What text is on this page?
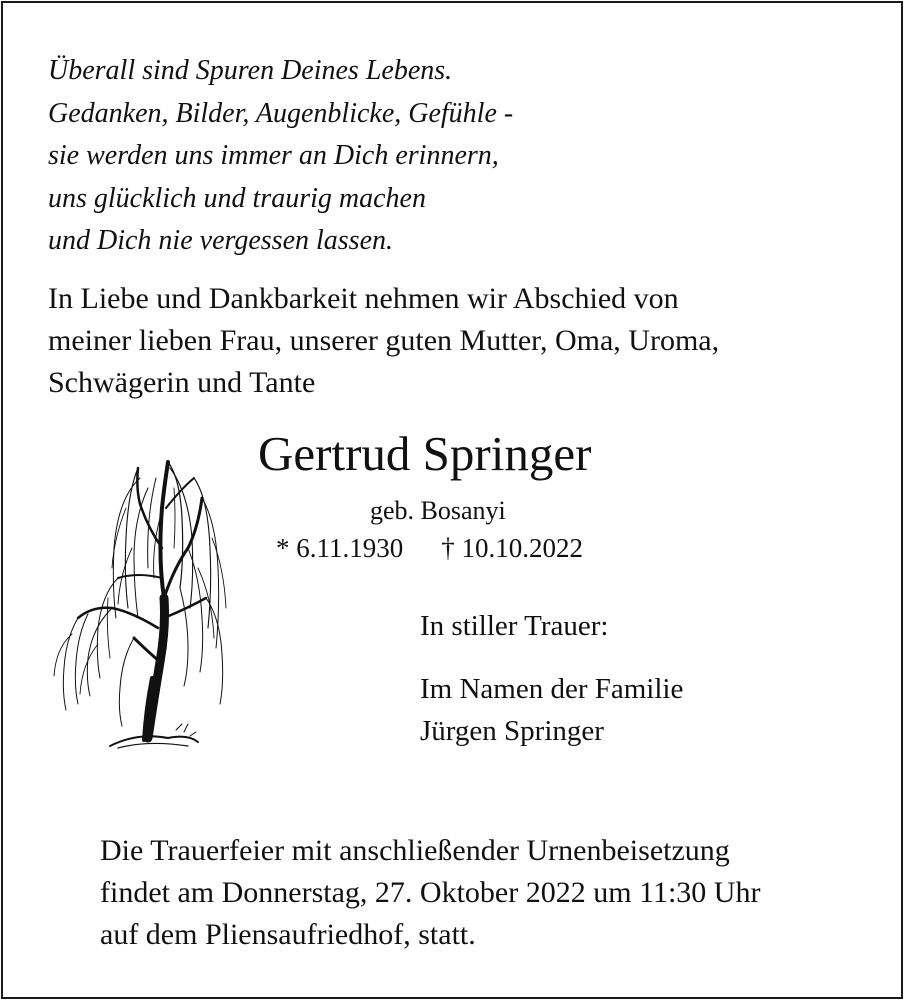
Überall sind Spuren Deines Lebens.
Gedanken, Bilder, Augenblicke, Gefühle -
sie werden uns immer an Dich erinnern,
uns glücklich und traurig machen
und Dich nie vergessen lassen.
In Liebe und Dankbarkeit nehmen wir Abschied von
meiner lieben Frau, unserer guten Mutter, Oma, Uroma,
Schwägerin und Tante
Gertrud Springer
geb. Bosanyi
* 6.11.1930 † 10.10.2022
In stiller Trauer:
Im Namen der Familie
Jürgen Springer
Die Trauerfeier mit anschließender Urnenbeisetzung
findet am Donnerstag, 27. Oktober 2022 um 11:30 Uhr
auf dem Pliensaufriedhof, statt.
